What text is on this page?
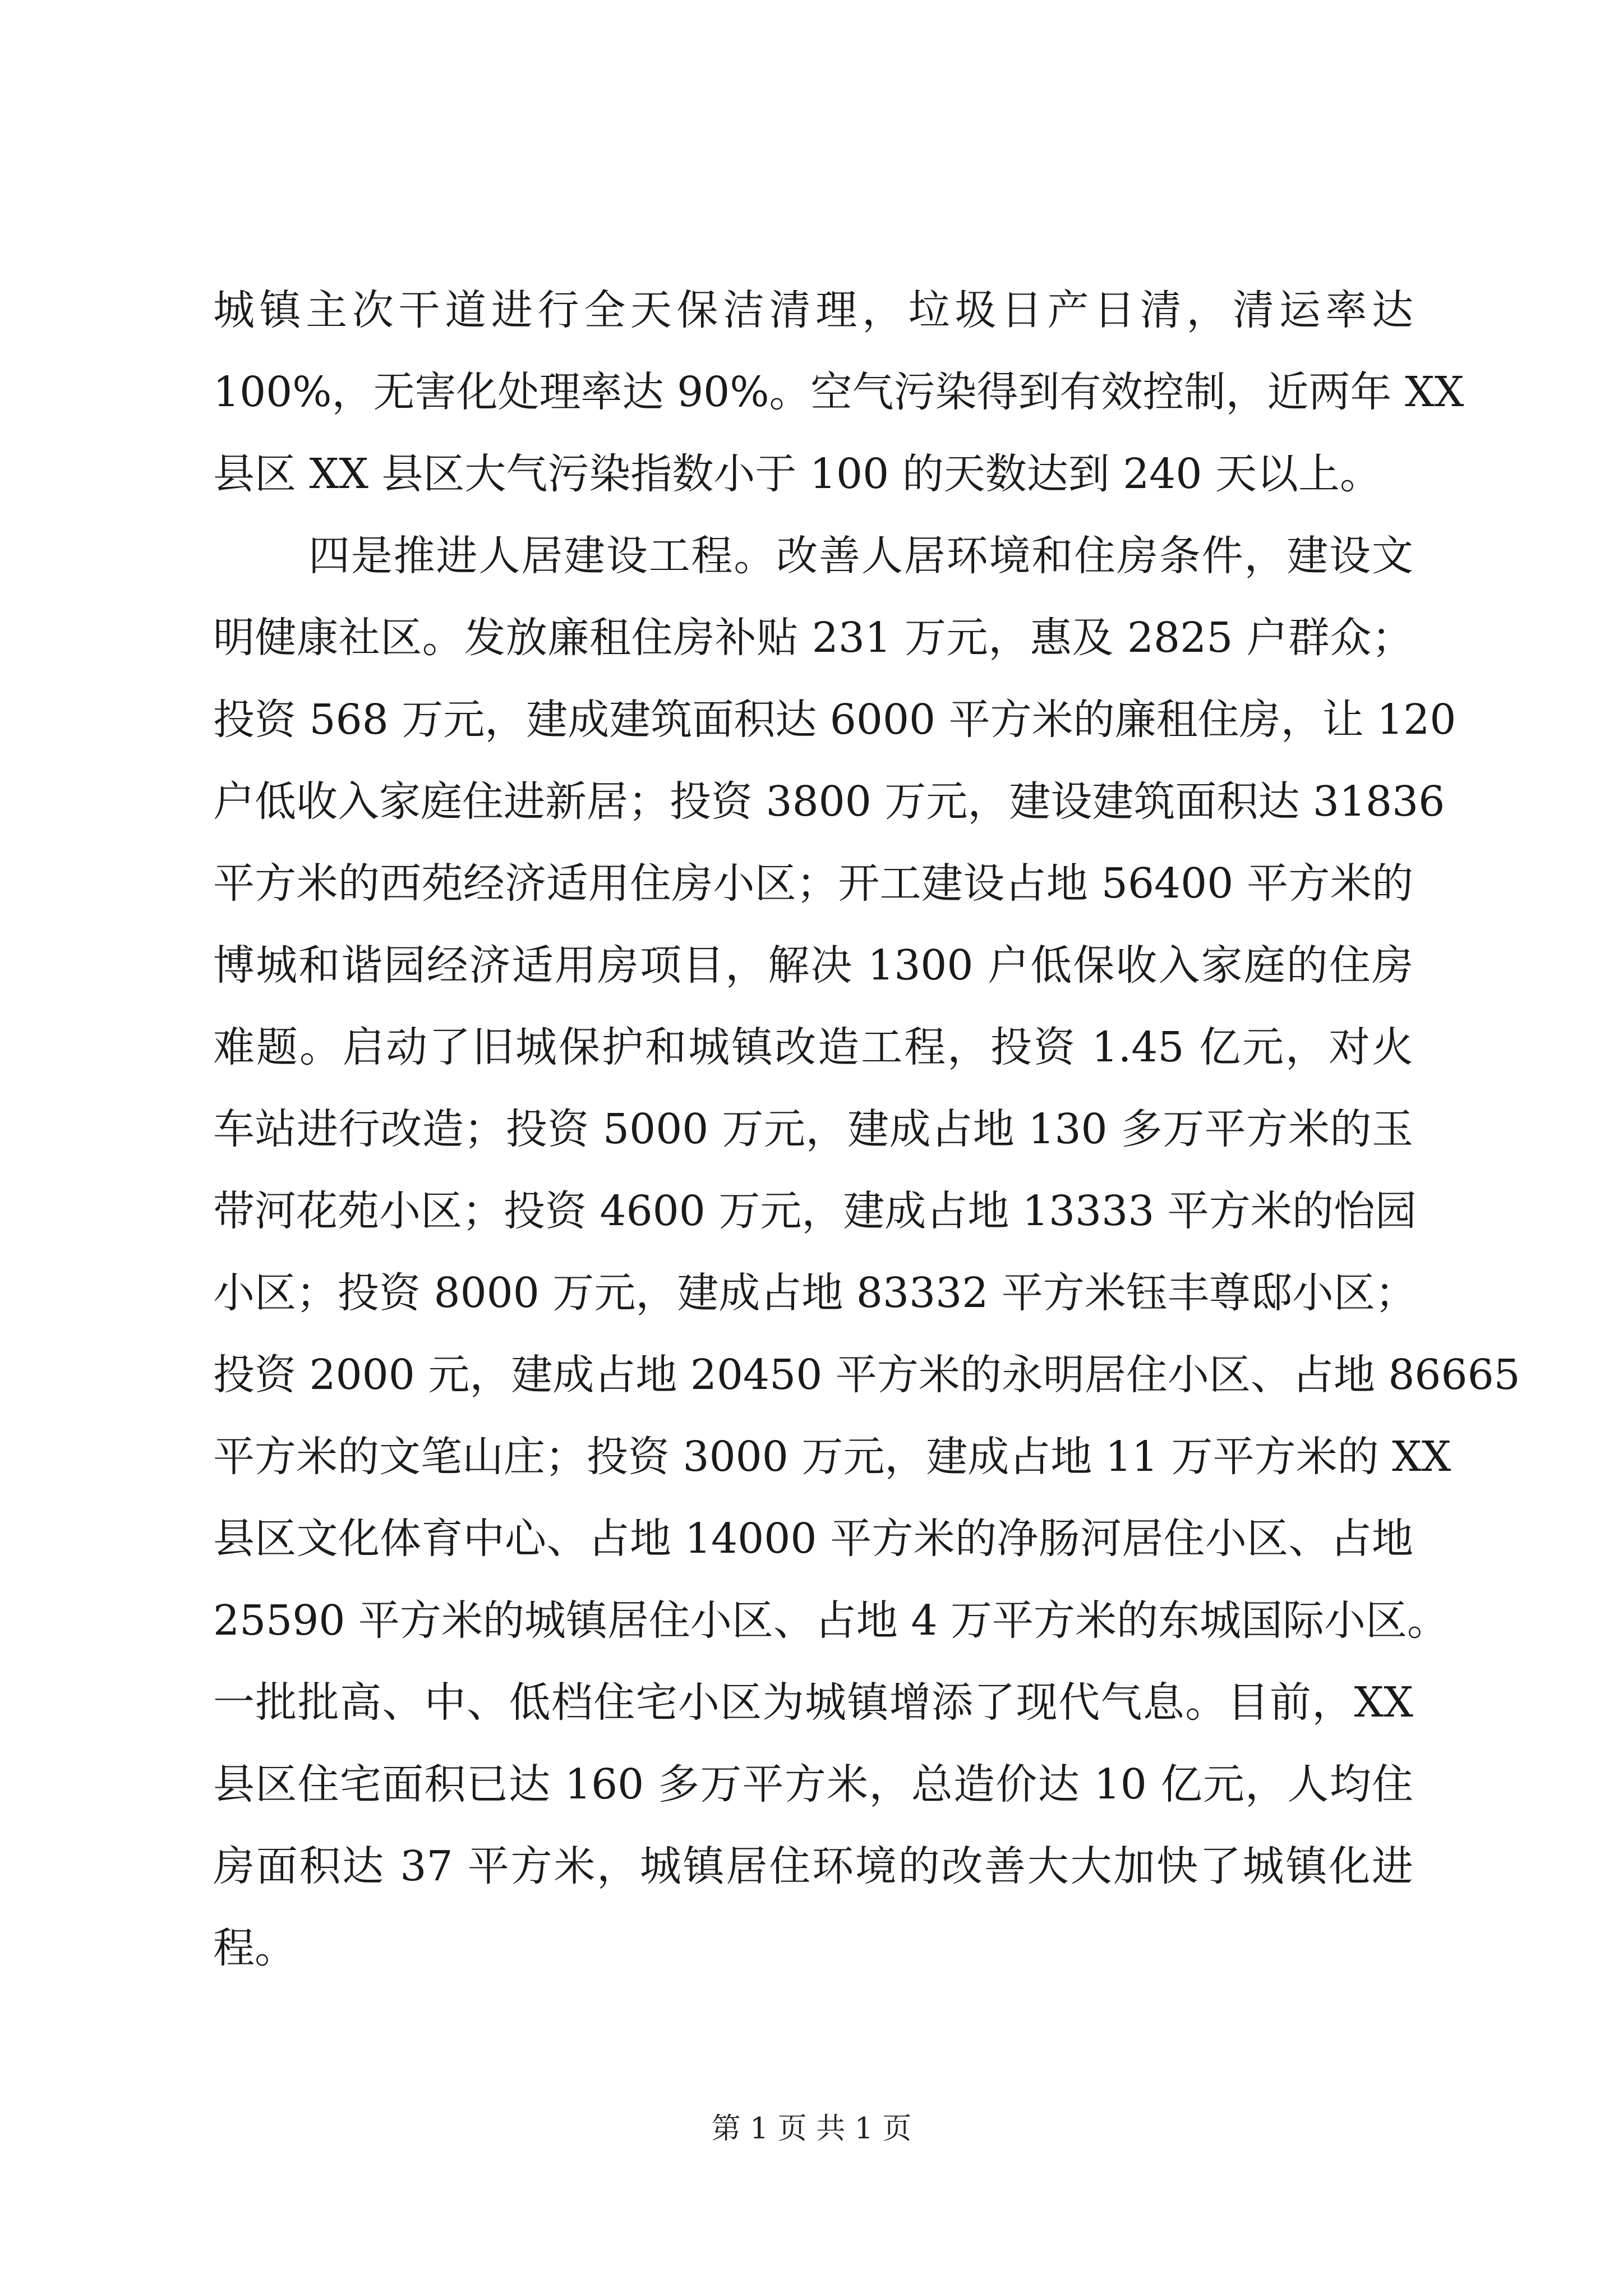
城镇主次干道进行全天保洁清理，垃圾日产日清，清运率达
100%，无害化处理率达 90%。空气污染得到有效控制，近两年 XX
县区 XX 县区大气污染指数小于 100 的天数达到 240 天以上。
四是推进人居建设工程。改善人居环境和住房条件，建设文
明健康社区。发放廉租住房补贴 231 万元，惠及 2825 户群众；
投资 568 万元，建成建筑面积达 6000 平方米的廉租住房，让 120
户低收入家庭住进新居；投资 3800 万元，建设建筑面积达 31836
平方米的西苑经济适用住房小区；开工建设占地 56400 平方米的
博城和谐园经济适用房项目，解决 1300 户低保收入家庭的住房
难题。启动了旧城保护和城镇改造工程，投资 1.45 亿元，对火
车站进行改造；投资 5000 万元，建成占地 130 多万平方米的玉
带河花苑小区；投资 4600 万元，建成占地 13333 平方米的怡园
小区；投资 8000 万元，建成占地 83332 平方米钰丰尊邸小区；
投资 2000 元，建成占地 20450 平方米的永明居住小区、占地 86665
平方米的文笔山庄；投资 3000 万元，建成占地 11 万平方米的 XX
县区文化体育中心、占地 14000 平方米的净肠河居住小区、占地
25590 平方米的城镇居住小区、占地 4 万平方米的东城国际小区。
一批批高、中、低档住宅小区为城镇增添了现代气息。目前，XX
县区住宅面积已达 160 多万平方米，总造价达 10 亿元，人均住
房面积达 37 平方米，城镇居住环境的改善大大加快了城镇化进
程。
第 1 页 共 1 页
